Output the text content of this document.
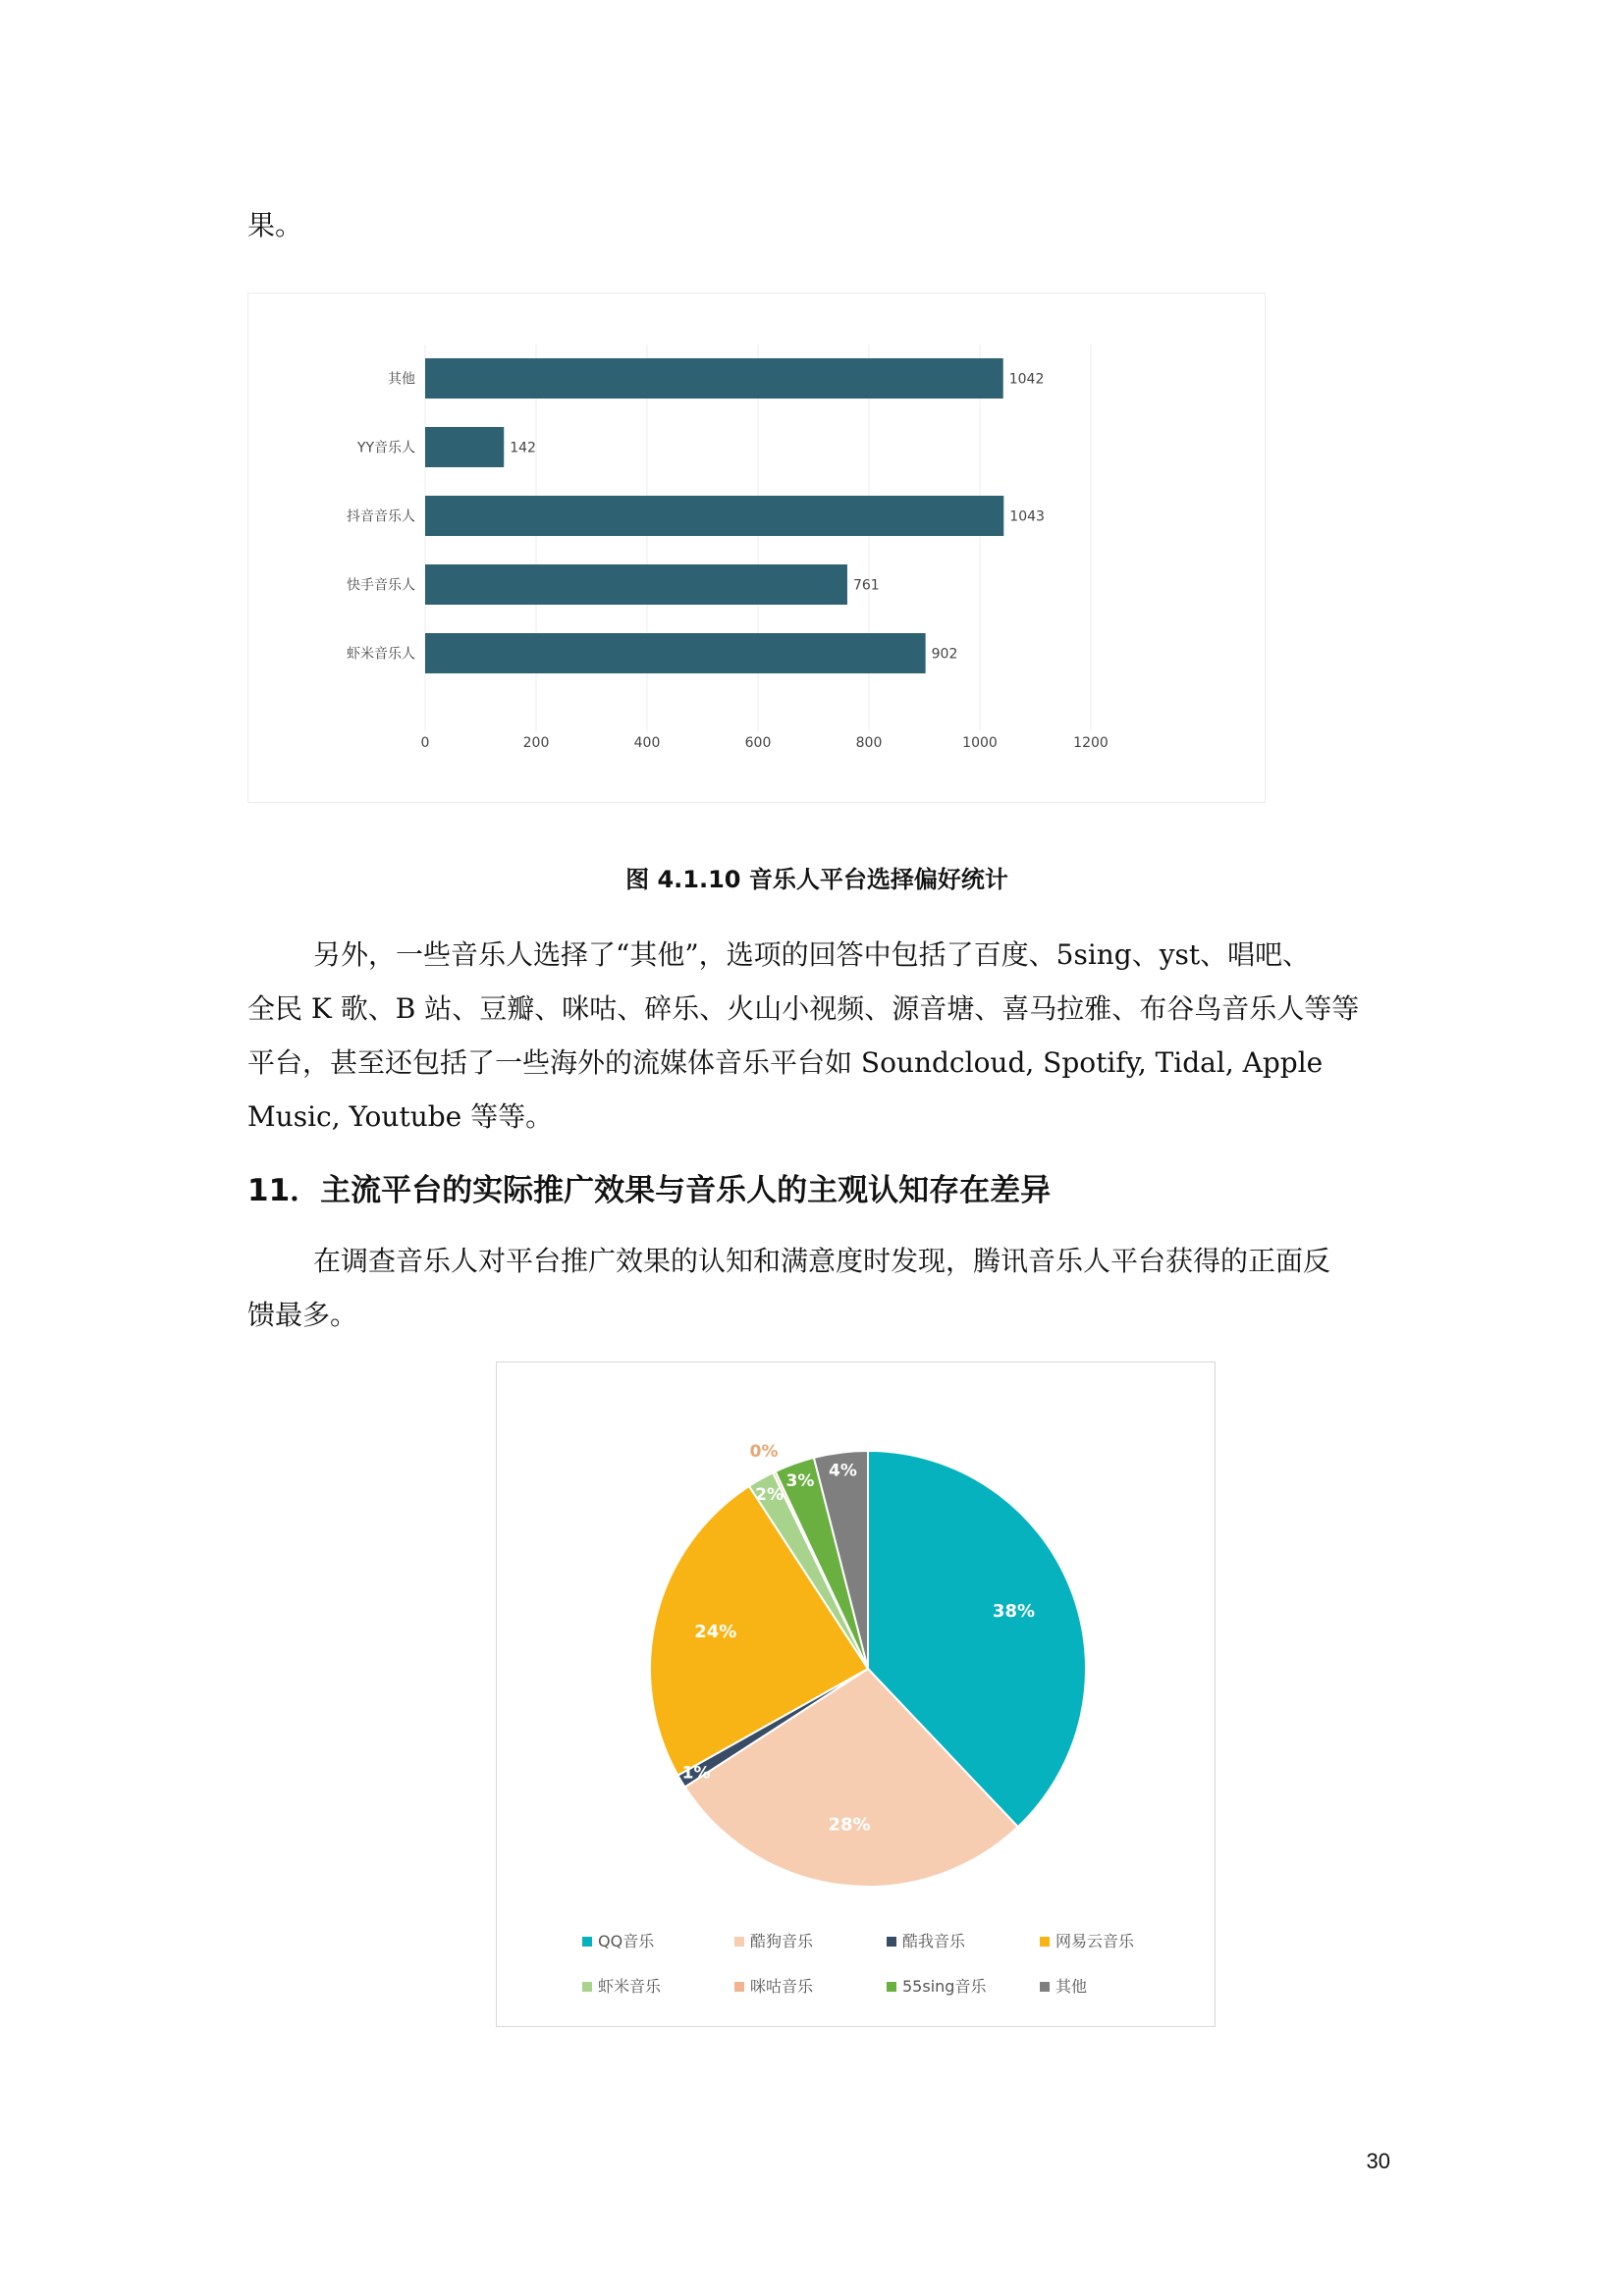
果。
0	200	400	600	800	1000	1200
其他	1042
YY音乐人	142
抖音音乐人	1043
快手音乐人	761
虾米音乐人	902
图 4.1.10 音乐人平台选择偏好统计

另外，一些音乐人选择了“其他”，选项的回答中包括了百度、5sing、yst、唱吧、
全民 K 歌、B 站、豆瓣、咪咕、碎乐、火山小视频、源音塘、喜马拉雅、布谷鸟音乐人等等
平台，甚至还包括了一些海外的流媒体音乐平台如 Soundcloud, Spotify, Tidal, Apple
Music, Youtube 等等。

11．主流平台的实际推广效果与音乐人的主观认知存在差异

在调查音乐人对平台推广效果的认知和满意度时发现，腾讯音乐人平台获得的正面反
馈最多。

38%
28%
1%
24%
2%
0%
3%
4%
QQ音乐	酷狗音乐	酷我音乐	网易云音乐
虾米音乐	咪咕音乐	55sing音乐	其他
30
